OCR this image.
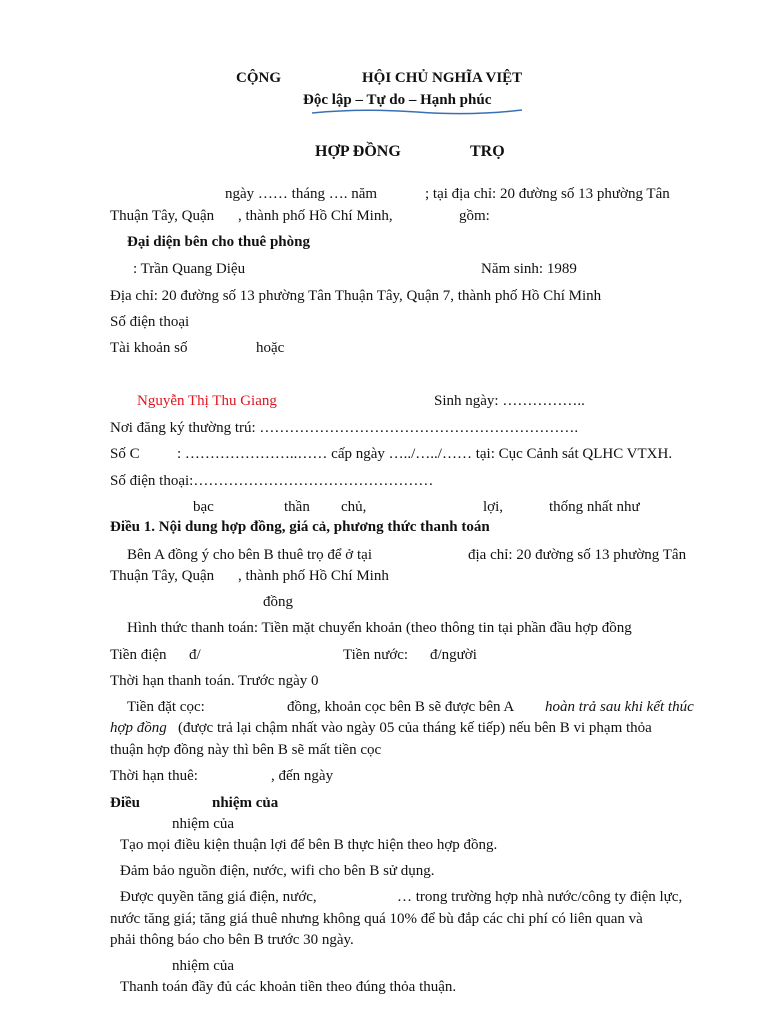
CỘNG	HỘI CHỦ NGHĨA VIỆT
Độc lập – Tự do – Hạnh phúc
HỢP ĐỒNG	TRỌ
ngày …… tháng …. năm	; tại địa chỉ: 20 đường số 13 phường Tân
Thuận Tây, Quận , thành phố Hồ Chí Minh,	gồm:
Đại diện bên cho thuê phòng
: Trần Quang Diệu	Năm sinh: 1989
Địa chỉ: 20 đường số 13 phường Tân Thuận Tây, Quận 7, thành phố Hồ Chí Minh
Số điện thoại
Tài khoản số	hoặc
Nguyễn Thị Thu Giang	Sinh ngày: ……………..
Nơi đăng ký thường trú: ……………………………………………………….
Số C : …………………..…… cấp ngày …../…../…… tại: Cục Cảnh sát QLHC VTXH.
Số điện thoại:…………………………………………
bạc	thần chủ,	lợi,	thống nhất như
Điều 1. Nội dung hợp đồng, giá cả, phương thức thanh toán
Bên A đồng ý cho bên B thuê trọ để ở tại	địa chỉ: 20 đường số 13 phường Tân
Thuận Tây, Quận , thành phố Hồ Chí Minh
đồng
Hình thức thanh toán: Tiền mặt chuyển khoản (theo thông tin tại phần đầu hợp đồng
Tiền điện đ/	Tiền nước: đ/người
Thời hạn thanh toán. Trước ngày 0
Tiền đặt cọc:	đồng, khoản cọc bên B sẽ được bên A hoàn trả sau khi kết thúc
hợp đồng (được trả lại chậm nhất vào ngày 05 của tháng kế tiếp) nếu bên B vi phạm thỏa
thuận hợp đồng này thì bên B sẽ mất tiền cọc
Thời hạn thuê:	, đến ngày
Điều	nhiệm của
nhiệm của
Tạo mọi điều kiện thuận lợi để bên B thực hiện theo hợp đồng.
Đảm bảo nguồn điện, nước, wifi cho bên B sử dụng.
Được quyền tăng giá điện, nước,	… trong trường hợp nhà nước/công ty điện lực,
nước tăng giá; tăng giá thuê nhưng không quá 10% để bù đắp các chi phí có liên quan và
phải thông báo cho bên B trước 30 ngày.
nhiệm của
Thanh toán đầy đủ các khoản tiền theo đúng thỏa thuận.
